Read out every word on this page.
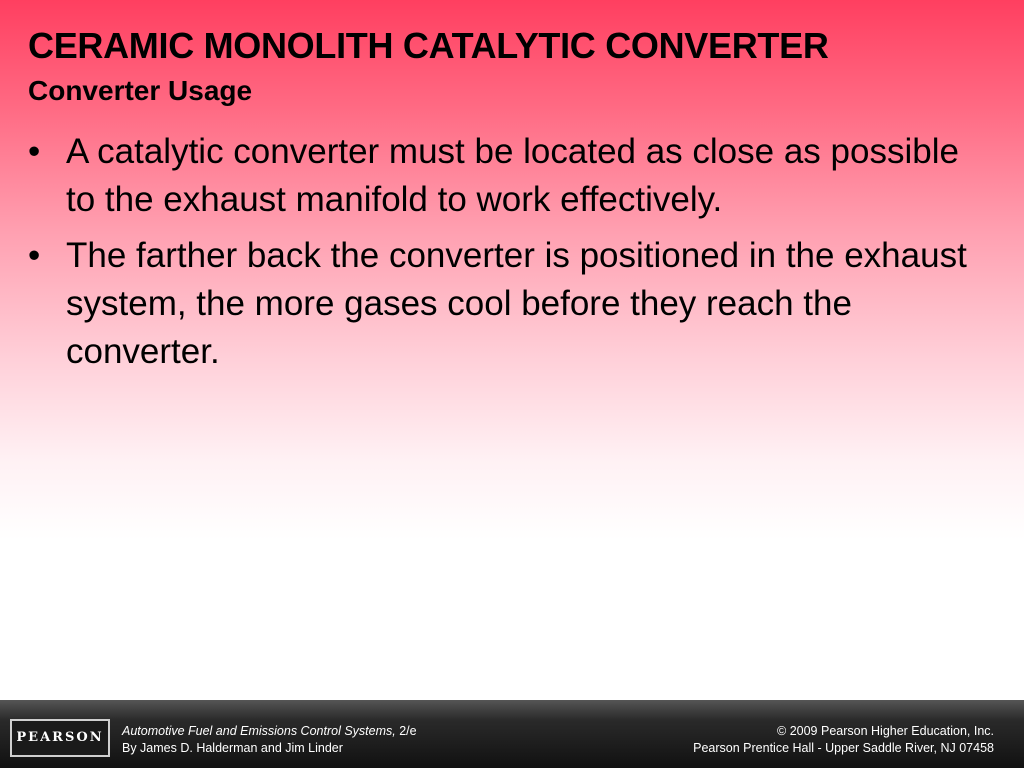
CERAMIC MONOLITH CATALYTIC CONVERTER
Converter Usage
• A catalytic converter must be located as close as possible to the exhaust manifold to work effectively.
• The farther back the converter is positioned in the exhaust system, the more gases cool before they reach the converter.
PEARSON	Automotive Fuel and Emissions Control Systems, 2/e
By James D. Halderman and Jim Linder
© 2009 Pearson Higher Education, Inc.
Pearson Prentice Hall - Upper Saddle River, NJ 07458
